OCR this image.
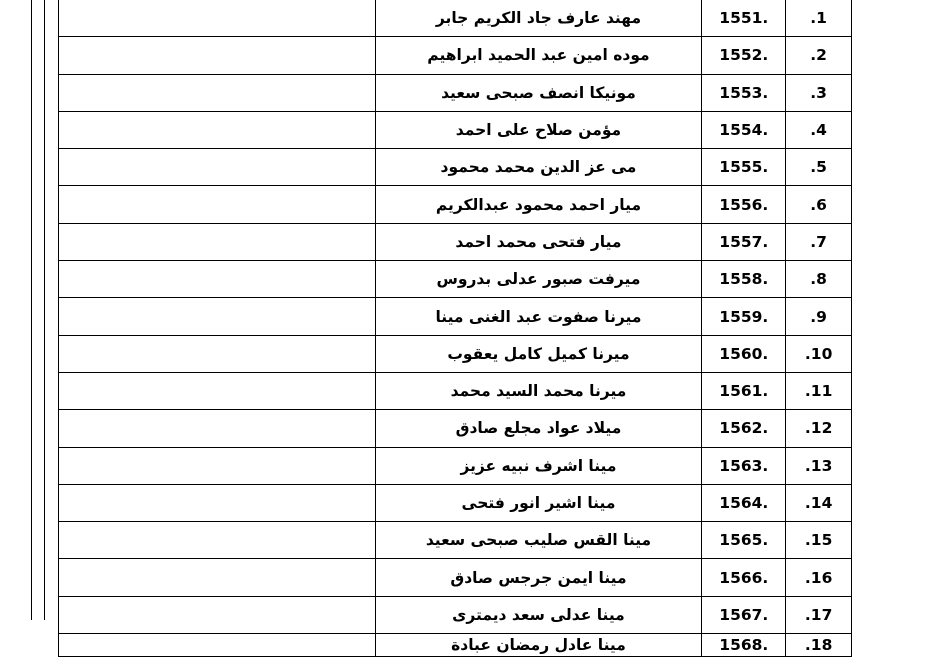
1.	.1551	مهند عارف جاد الكريم جابر	
2.	.1552	موده امين عبد الحميد ابراهيم	
3.	.1553	مونيكا انصف صبحى سعيد	
4.	.1554	مؤمن صلاح على احمد	
5.	.1555	مى عز الدين محمد محمود	
6.	.1556	ميار احمد محمود عبدالكريم	
7.	.1557	ميار فتحى محمد احمد	
8.	.1558	ميرفت صبور عدلى بدروس	
9.	.1559	ميرنا صفوت عبد الغنى مينا	
10.	.1560	ميرنا كميل كامل يعقوب	
11.	.1561	ميرنا محمد السيد محمد	
12.	.1562	ميلاد عواد مجلع صادق	
13.	.1563	مينا اشرف نبيه عزيز	
14.	.1564	مينا اشير انور فتحى	
15.	.1565	مينا القس صليب صبحى سعيد	
16.	.1566	مينا ايمن جرجس صادق	
17.	.1567	مينا عدلى سعد ديمترى	
18.	.1568	مينا عادل رمضان عبادة	
